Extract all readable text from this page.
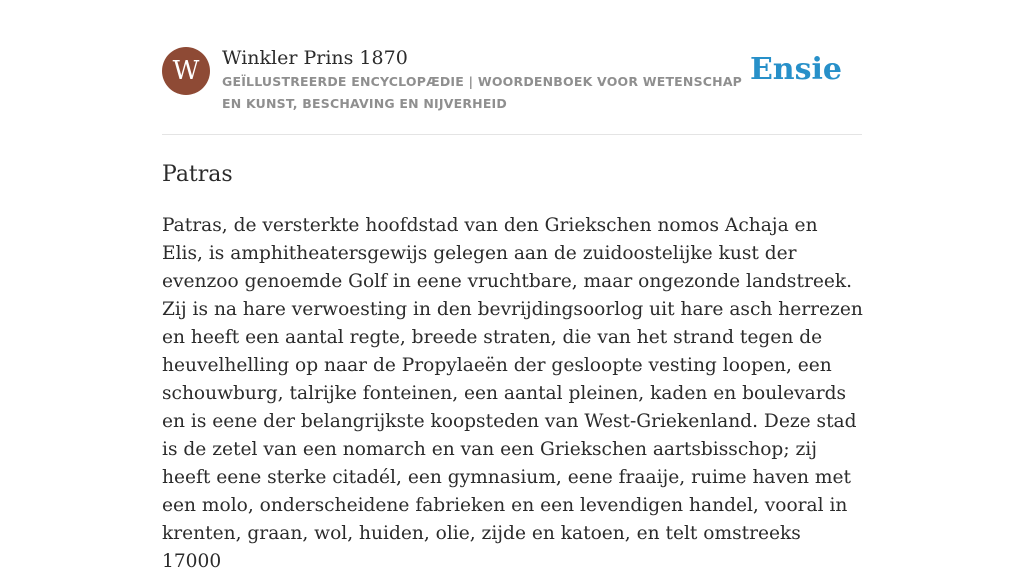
W	Winkler Prins 1870
GEÏLLUSTREERDE ENCYCLOPÆDIE | WOORDENBOEK VOOR WETENSCHAP EN KUNST, BESCHAVING EN NIJVERHEID
Ensie
Patras

Patras, de versterkte hoofdstad van den Griekschen nomos Achaja en Elis, is amphitheatersgewijs gelegen aan de zuidoostelijke kust der evenzoo genoemde Golf in eene vruchtbare, maar ongezonde landstreek. Zij is na hare verwoesting in den bevrijdingsoorlog uit hare asch herrezen en heeft een aantal regte, breede straten, die van het strand tegen de heuvelhelling op naar de Propylaeën der gesloopte vesting loopen, een schouwburg, talrijke fonteinen, een aantal pleinen, kaden en boulevards en is eene der belangrijkste koopsteden van West-Griekenland. Deze stad is de zetel van een nomarch en van een Griekschen aartsbisschop; zij heeft eene sterke citadél, een gymnasium, eene fraaije, ruime haven met een molo, onderscheidene fabrieken en een levendigen handel, vooral in krenten, graan, wol, huiden, olie, zijde en katoen, en telt omstreeks 17000
